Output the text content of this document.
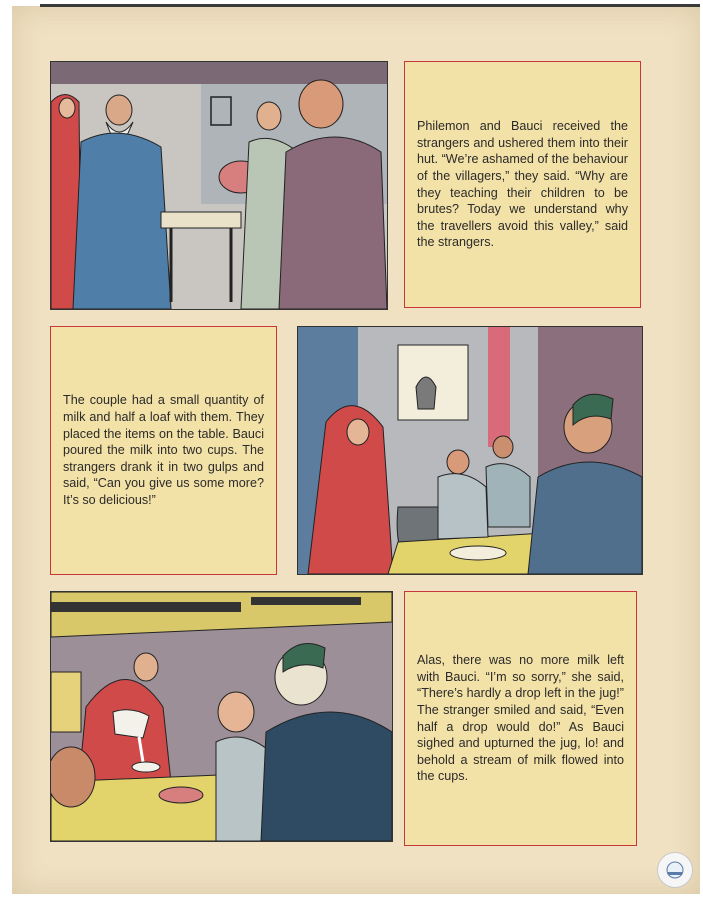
Philemon and Bauci received the strangers and ushered them into their hut. “We’re ashamed of the behaviour of the villagers,” they said. “Why are they teaching their children to be brutes? Today we understand why the travellers avoid this valley,” said the strangers.

The couple had a small quantity of milk and half a loaf with them. They placed the items on the table. Bauci poured the milk into two cups. The strangers drank it in two gulps and said, “Can you give us some more? It’s so delicious!”

Alas, there was no more milk left with Bauci. “I’m so sorry,” she said, “There’s hardly a drop left in the jug!” The stranger smiled and said, “Even half a drop would do!” As Bauci sighed and upturned the jug, lo! and behold a stream of milk flowed into the cups.
